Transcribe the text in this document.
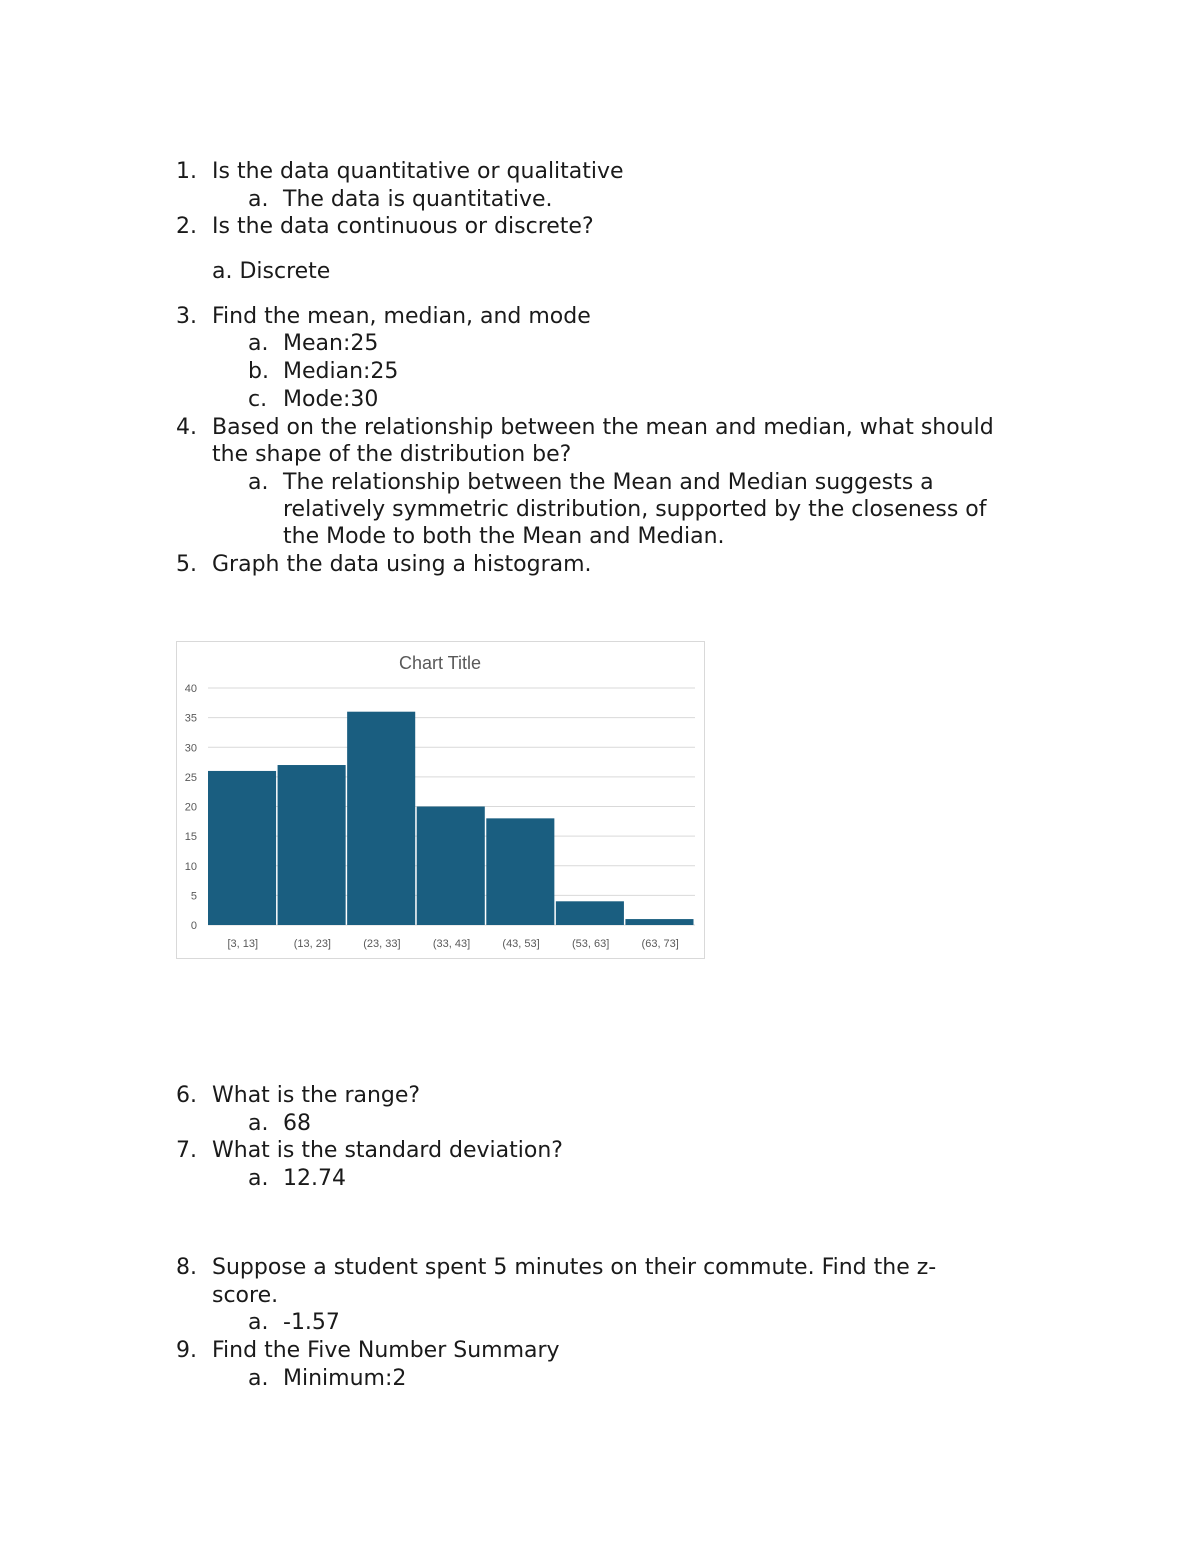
1. Is the data quantitative or qualitative
a. The data is quantitative.
2. Is the data continuous or discrete?
a. Discrete
3. Find the mean, median, and mode
a. Mean:25
b. Median:25
c. Mode:30
4. Based on the relationship between the mean and median, what should
the shape of the distribution be?
a. The relationship between the Mean and Median suggests a
relatively symmetric distribution, supported by the closeness of
the Mode to both the Mean and Median.
5. Graph the data using a histogram.
Chart Title
0
5
10
15
20
25
30
35
40
[3, 13]	(13, 23]	(23, 33]	(33, 43]	(43, 53]	(53, 63]	(63, 73]
6. What is the range?
a. 68
7. What is the standard deviation?
a. 12.74
8. Suppose a student spent 5 minutes on their commute. Find the z-
score.
a. -1.57
9. Find the Five Number Summary
a. Minimum:2
